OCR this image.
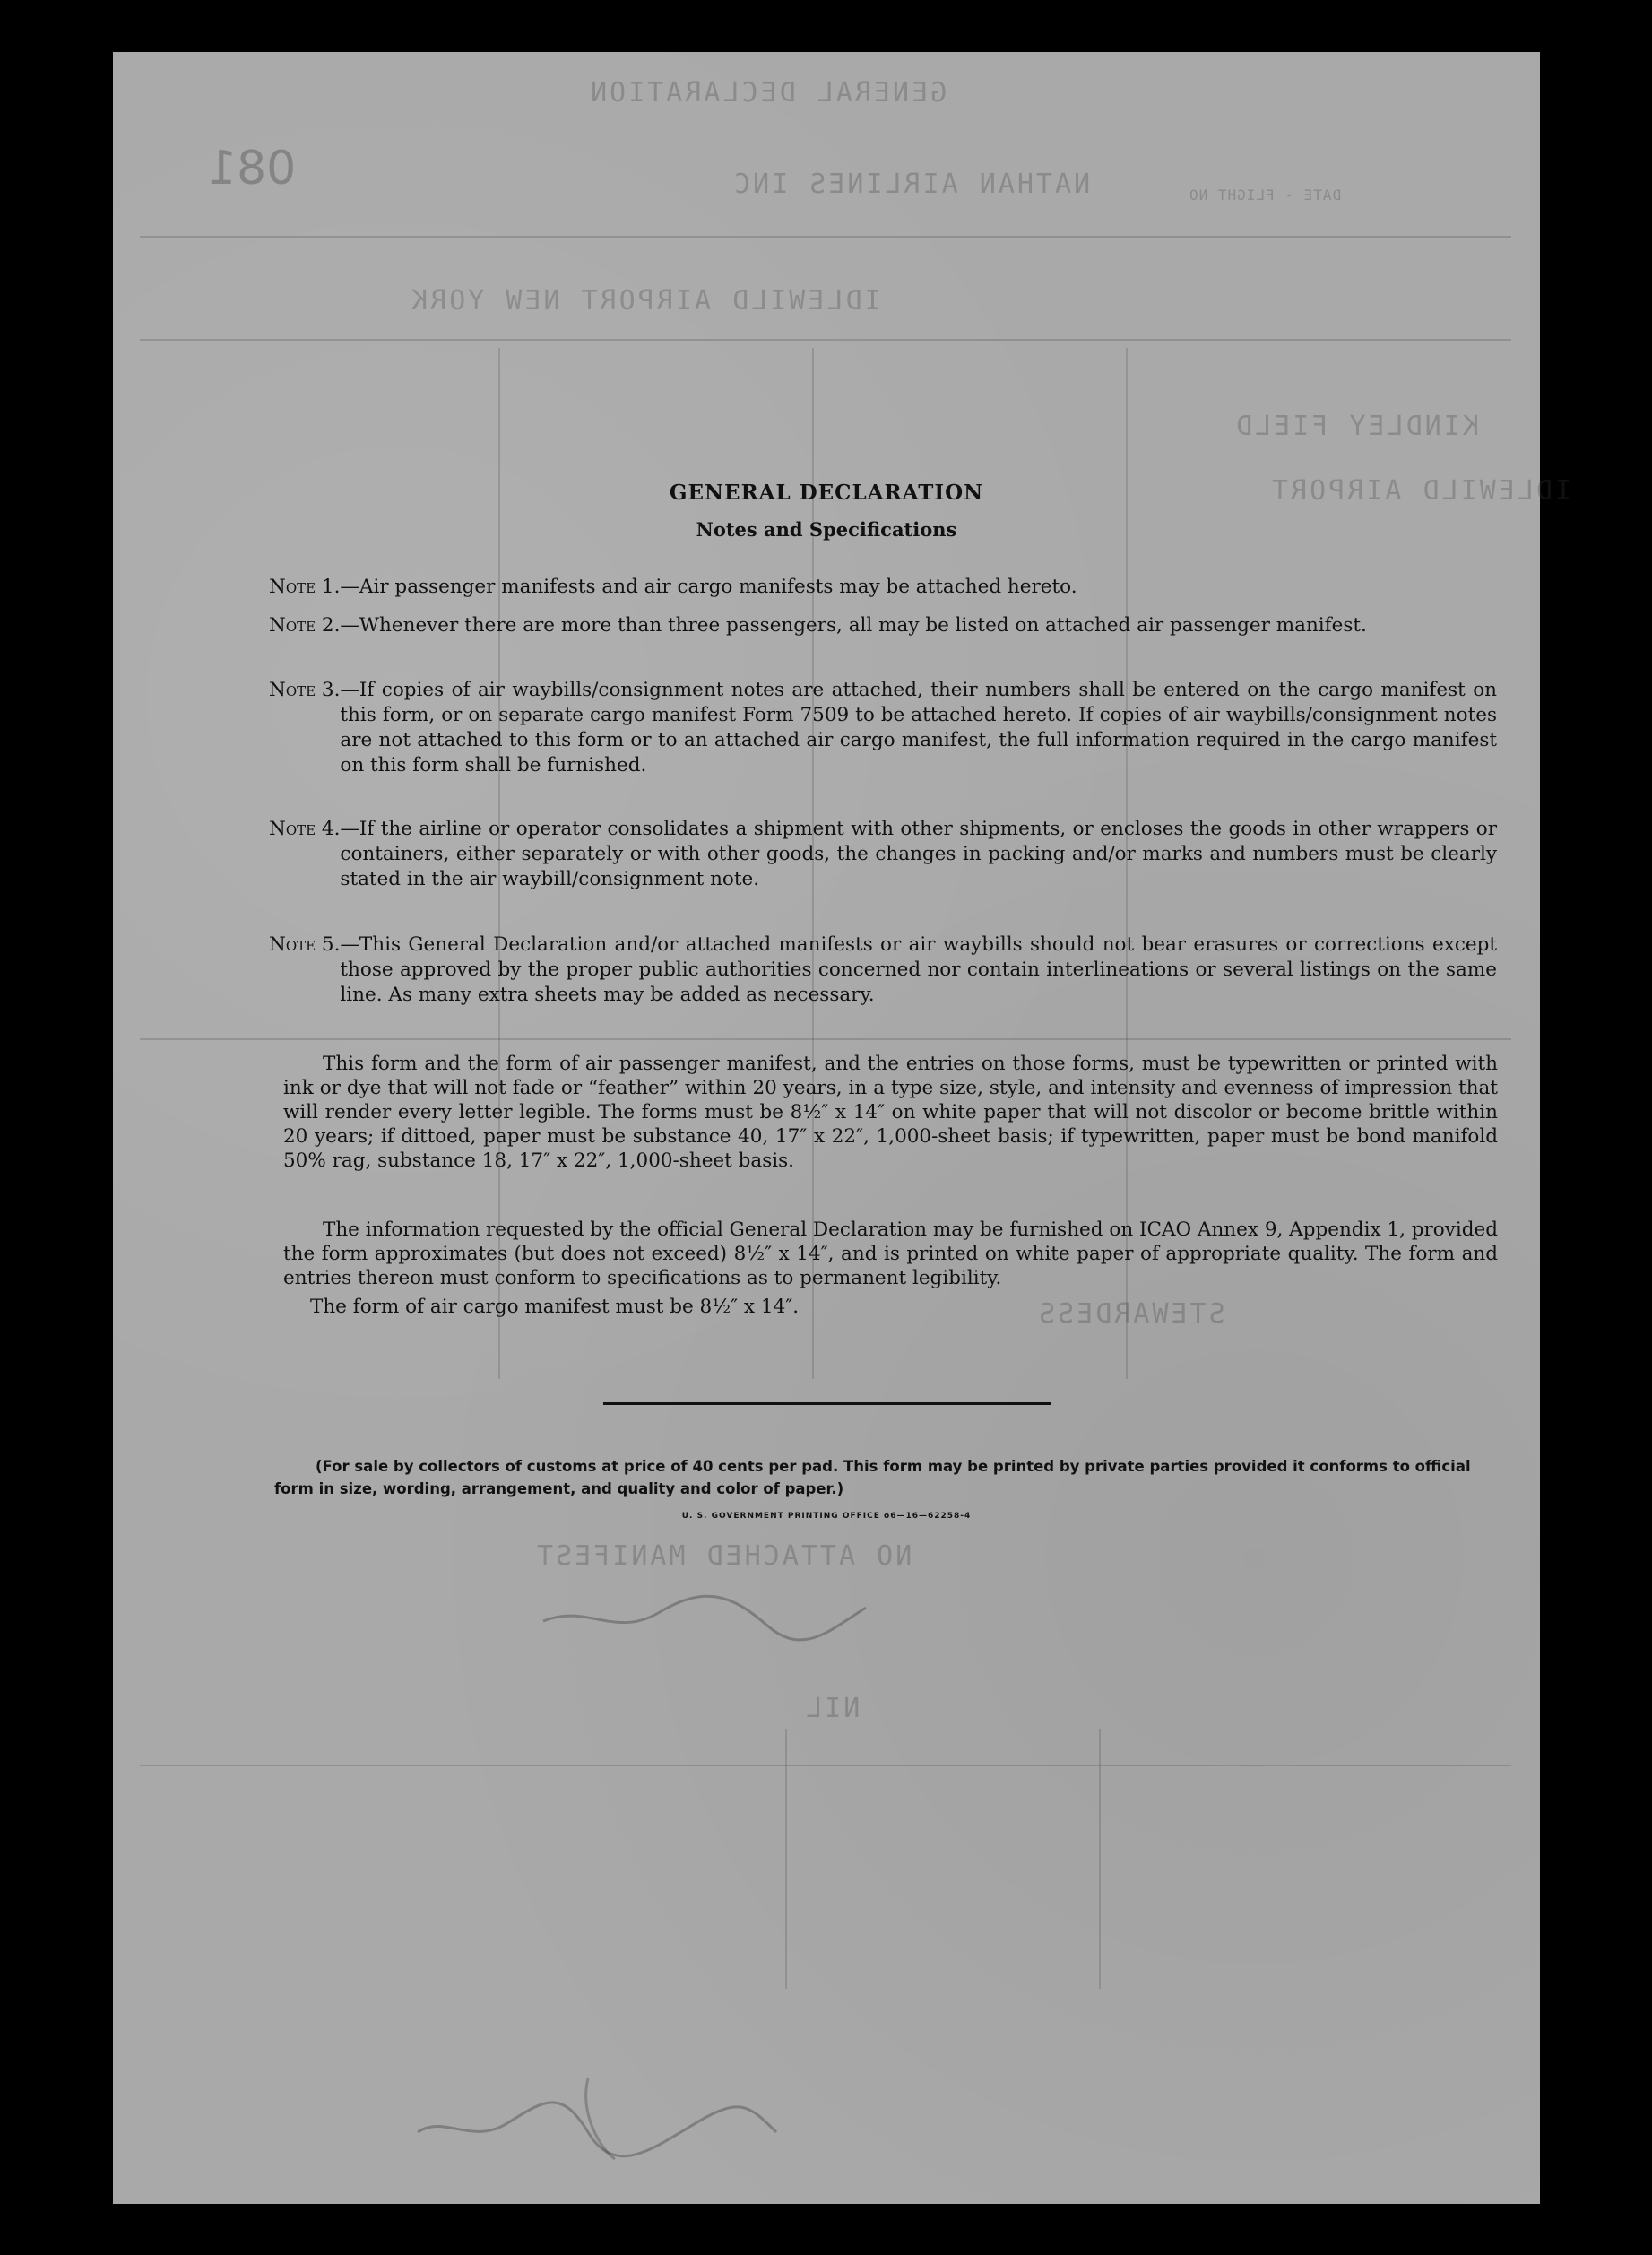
081
GENERAL DECLARATION
NATHAN AIRLINES INC
IDLEWILD AIRPORT NEW YORK
KINDLEY FIELD
IDLEWILD AIRPORT
DATE - FLIGHT NO
STEWARDESS
NO ATTACHED MANIFEST
NIL
GENERAL DECLARATION
Notes and Specifications
Note 1. —Air passenger manifests and air cargo manifests may be attached hereto.
Note 2. —Whenever there are more than three passengers, all may be listed on attached air passenger manifest.
Note 3. —If copies of air waybills/consignment notes are attached, their numbers shall be entered on the cargo manifest on this form, or on separate cargo manifest Form 7509 to be attached hereto. If copies of air waybills/consignment notes are not attached to this form or to an attached air cargo manifest, the full information required in the cargo manifest on this form shall be furnished.
Note 4. —If the airline or operator consolidates a shipment with other shipments, or encloses the goods in other wrappers or containers, either separately or with other goods, the changes in packing and/or marks and numbers must be clearly stated in the air waybill/consignment note.
Note 5. —This General Declaration and/or attached manifests or air waybills should not bear erasures or corrections except those approved by the proper public authorities concerned nor contain interlineations or several listings on the same line. As many extra sheets may be added as necessary.
This form and the form of air passenger manifest, and the entries on those forms, must be typewritten or printed with ink or dye that will not fade or “feather” within 20 years, in a type size, style, and intensity and evenness of impression that will render every letter legible. The forms must be 8½″ x 14″ on white paper that will not discolor or become brittle within 20 years; if dittoed, paper must be substance 40, 17″ x 22″, 1,000-sheet basis; if typewritten, paper must be bond manifold 50% rag, substance 18, 17″ x 22″, 1,000-sheet basis.
The information requested by the official General Declaration may be furnished on ICAO Annex 9, Appendix 1, provided the form approximates (but does not exceed) 8½″ x 14″, and is printed on white paper of appropriate quality. The form and entries thereon must conform to specifications as to permanent legibility.
The form of air cargo manifest must be 8½″ x 14″.
(For sale by collectors of customs at price of 40 cents per pad. This form may be printed by private parties provided it conforms to official form in size, wording, arrangement, and quality and color of paper.)
U. S. GOVERNMENT PRINTING OFFICE o6—16—62258-4
